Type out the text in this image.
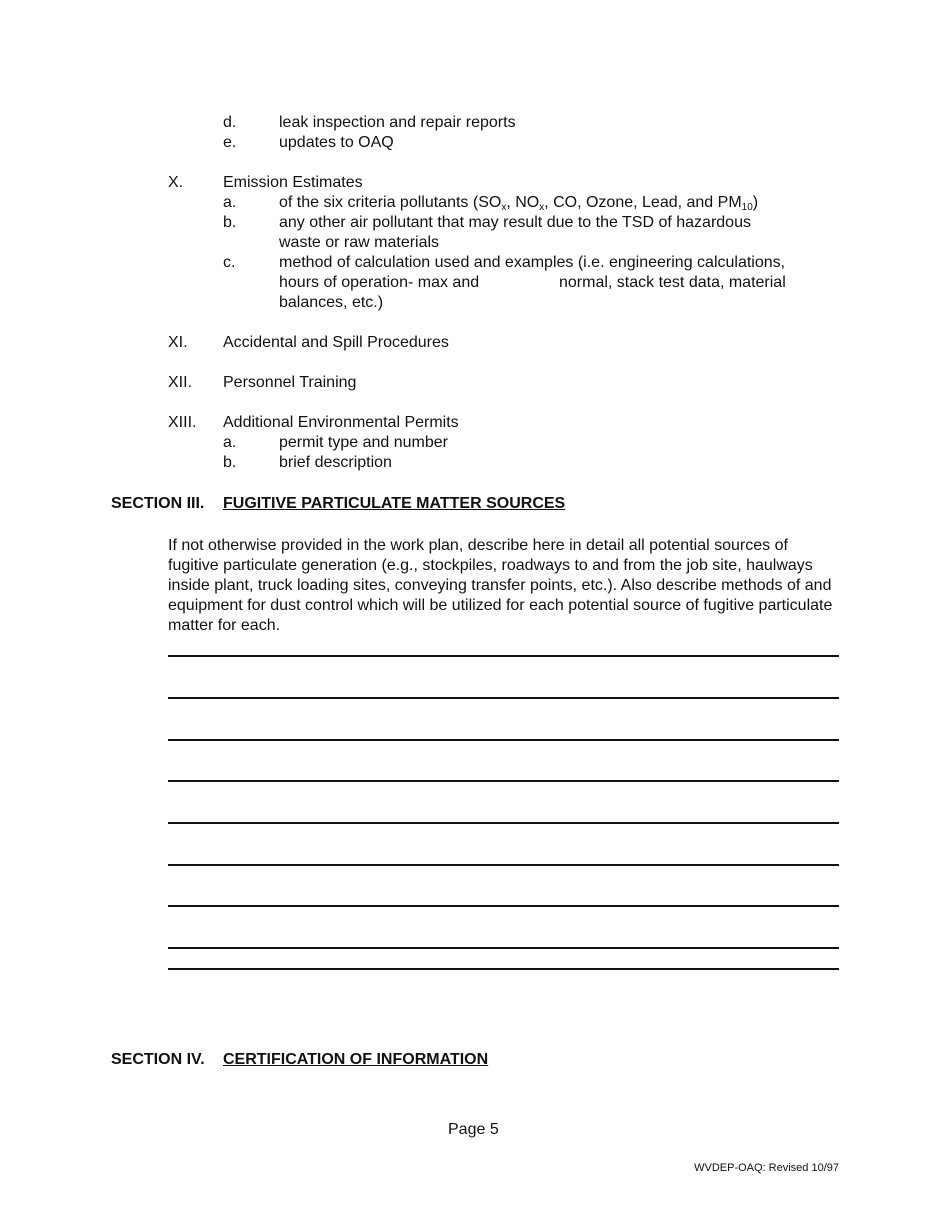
d.	leak inspection and repair reports
e.	updates to OAQ
X. Emission Estimates
a.	of the six criteria pollutants ($SO_x$, $NO_x$, CO, Ozone, Lead, and $PM_{10}$)
b.	any other air pollutant that may result due to the TSD of hazardous
waste or raw materials
c.	method of calculation used and examples (i.e. engineering calculations,
hours of operation- max and	normal, stack test data, material
balances, etc.)
XI. Accidental and Spill Procedures
XII. Personnel Training
XIII. Additional Environmental Permits
a.	permit type and number
b.	brief description
SECTION III. FUGITIVE PARTICULATE MATTER SOURCES
If not otherwise provided in the work plan, describe here in detail all potential sources of fugitive particulate generation (e.g., stockpiles, roadways to and from the job site, haulways inside plant, truck loading sites, conveying transfer points, etc.). Also describe methods of and equipment for dust control which will be utilized for each potential source of fugitive particulate matter for each.
SECTION IV. CERTIFICATION OF INFORMATION
Page 5
WVDEP-OAQ: Revised 10/97
